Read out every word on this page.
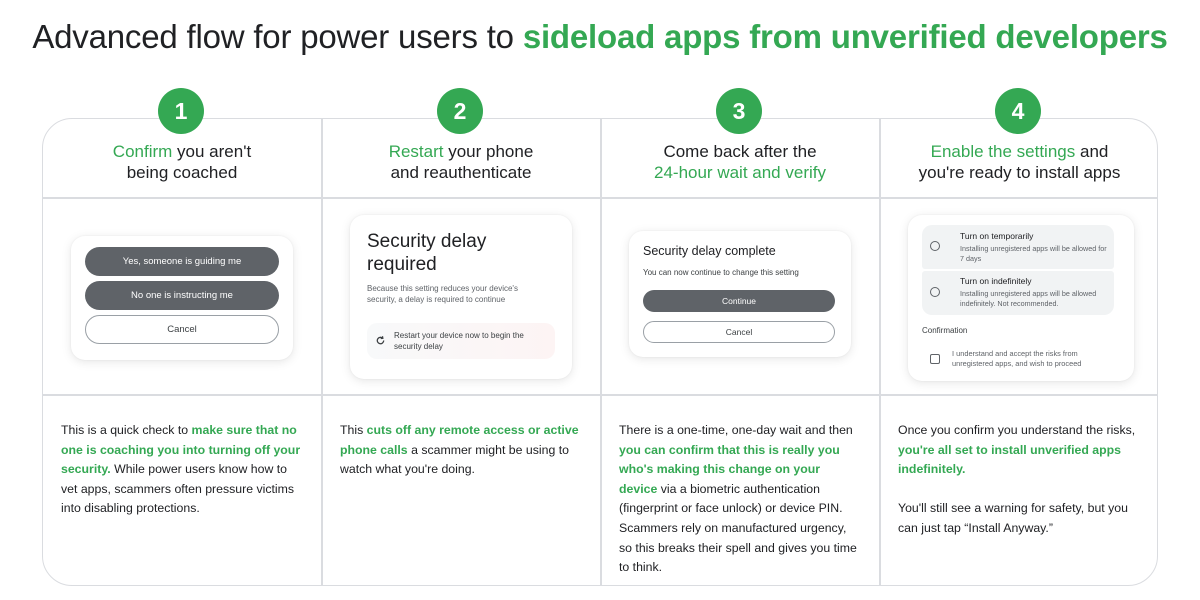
Advanced flow for power users to sideload apps from unverified developers
1	2	3	4
Confirm you aren't
being coached
Yes, someone is guiding me
No one is instructing me
Cancel
This is a quick check to make sure that no one is coaching you into turning off your security. While power users know how to vet apps, scammers often pressure victims into disabling protections.
Restart your phone
and reauthenticate
Security delay required
Because this setting reduces your device's security, a delay is required to continue
Restart your device now to begin the security delay
This cuts off any remote access or active phone calls a scammer might be using to watch what you're doing.
Come back after the
24-hour wait and verify
Security delay complete
You can now continue to change this setting
Continue
Cancel
There is a one-time, one-day wait and then you can confirm that this is really you who's making this change on your device via a biometric authentication (fingerprint or face unlock) or device PIN. Scammers rely on manufactured urgency, so this breaks their spell and gives you time to think.
Enable the settings and
you're ready to install apps
Turn on temporarily
Installing unregistered apps will be allowed for 7 days
Turn on indefinitely
Installing unregistered apps will be allowed indefinitely. Not recommended.
Confirmation
I understand and accept the risks from unregistered apps, and wish to proceed

Once you confirm you understand the risks, you're all set to install unverified apps indefinitely.

You'll still see a warning for safety, but you can just tap “Install Anyway.”
